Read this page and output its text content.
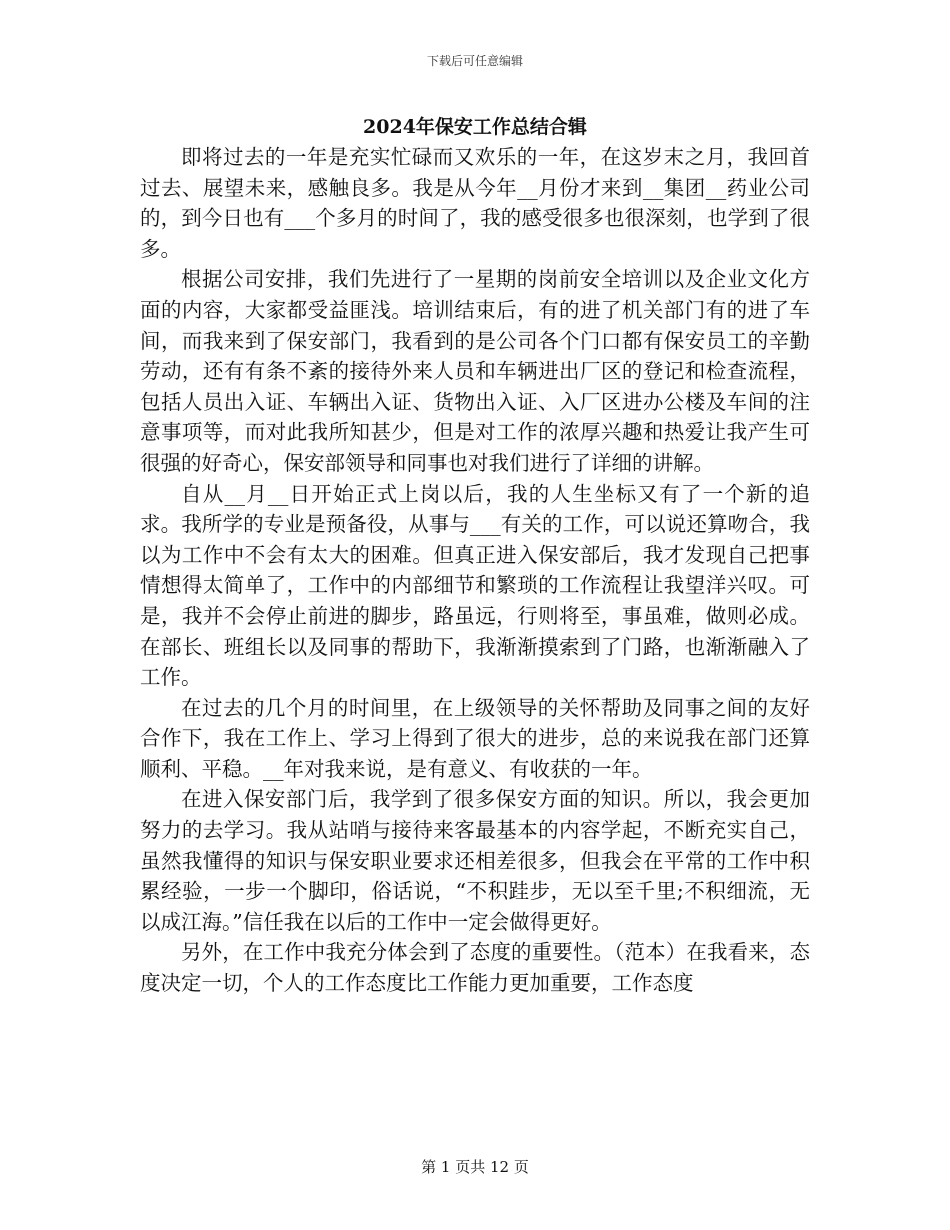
下载后可任意编辑
2024年保安工作总结合辑

即将过去的一年是充实忙碌而又欢乐的一年，在这岁末之月，我回首过去、展望未来，感触良多。我是从今年__月份才来到__集团__药业公司的，到今日也有___个多月的时间了，我的感受很多也很深刻，也学到了很多。

根据公司安排，我们先进行了一星期的岗前安全培训以及企业文化方面的内容，大家都受益匪浅。培训结束后，有的进了机关部门有的进了车间，而我来到了保安部门，我看到的是公司各个门口都有保安员工的辛勤劳动，还有有条不紊的接待外来人员和车辆进出厂区的登记和检查流程，包括人员出入证、车辆出入证、货物出入证、入厂区进办公楼及车间的注意事项等，而对此我所知甚少，但是对工作的浓厚兴趣和热爱让我产生可很强的好奇心，保安部领导和同事也对我们进行了详细的讲解。

自从__月__日开始正式上岗以后，我的人生坐标又有了一个新的追求。我所学的专业是预备役，从事与___有关的工作，可以说还算吻合，我以为工作中不会有太大的困难。但真正进入保安部后，我才发现自己把事情想得太简单了，工作中的内部细节和繁琐的工作流程让我望洋兴叹。可是，我并不会停止前进的脚步，路虽远，行则将至，事虽难，做则必成。在部长、班组长以及同事的帮助下，我渐渐摸索到了门路，也渐渐融入了工作。

在过去的几个月的时间里，在上级领导的关怀帮助及同事之间的友好合作下，我在工作上、学习上得到了很大的进步，总的来说我在部门还算顺利、平稳。__年对我来说，是有意义、有收获的一年。

在进入保安部门后，我学到了很多保安方面的知识。所以，我会更加努力的去学习。我从站哨与接待来客最基本的内容学起，不断充实自己，虽然我懂得的知识与保安职业要求还相差很多，但我会在平常的工作中积累经验，一步一个脚印，俗话说，“不积跬步，无以至千里;不积细流，无以成江海。”信任我在以后的工作中一定会做得更好。

另外，在工作中我充分体会到了态度的重要性。（范本）在我看来，态度决定一切，个人的工作态度比工作能力更加重要，工作态度

第 1 页共 12 页
